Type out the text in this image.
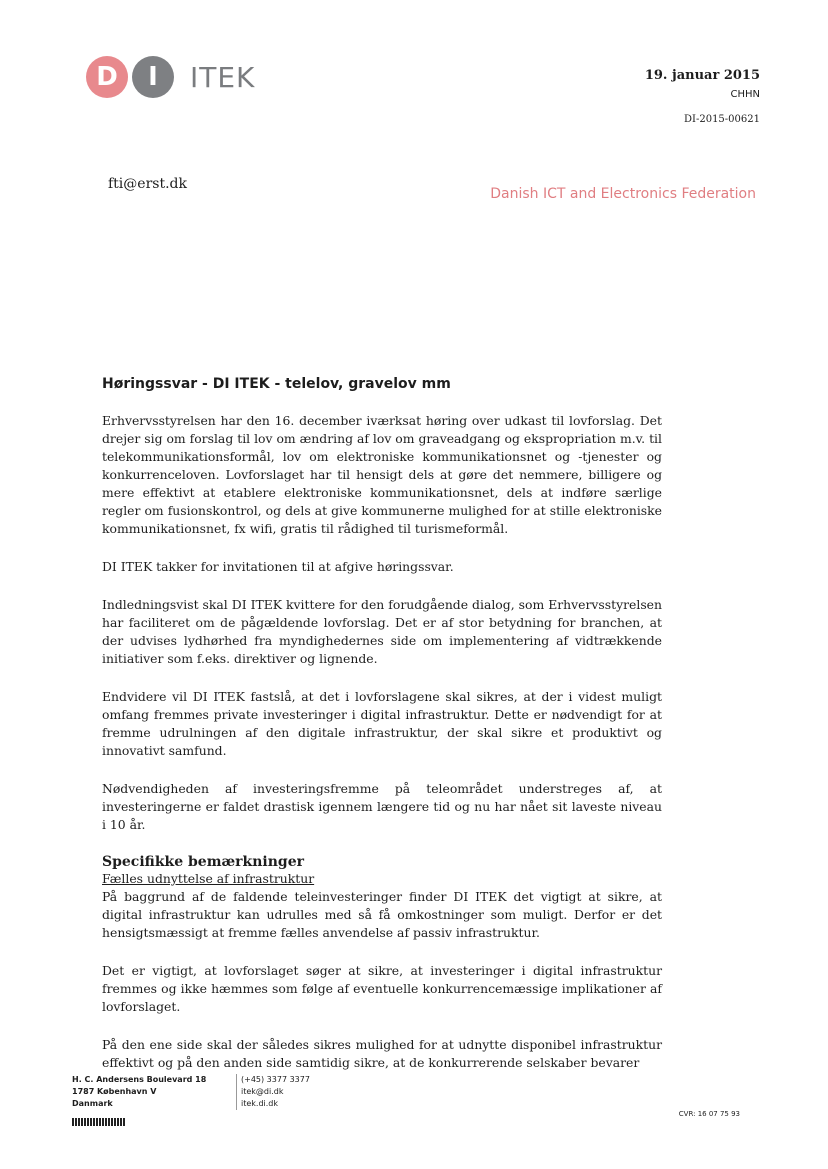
D	I	ITEK	19. januar 2015
CHHN
DI-2015-00621
fti@erst.dk
Danish ICT and Electronics Federation
Høringssvar - DI ITEK - telelov, gravelov mm

Erhvervsstyrelsen har den 16. december iværksat høring over udkast til lovforslag. Det drejer sig om forslag til lov om ændring af lov om graveadgang og ekspropriation m.v. til telekommunikationsformål, lov om elektroniske kommunikationsnet og -tjenester og konkurrenceloven. Lovforslaget har til hensigt dels at gøre det nemmere, billigere og mere effektivt at etablere elektroniske kommunikationsnet, dels at indføre særlige regler om fusionskontrol, og dels at give kommunerne mulighed for at stille elektroniske kommunikationsnet, fx wifi, gratis til rådighed til turismeformål.

DI ITEK takker for invitationen til at afgive høringssvar.

Indledningsvist skal DI ITEK kvittere for den forudgående dialog, som Erhvervsstyrelsen har faciliteret om de pågældende lovforslag. Det er af stor betydning for branchen, at der udvises lydhørhed fra myndighedernes side om implementering af vidtrækkende initiativer som f.eks. direktiver og lignende.

Endvidere vil DI ITEK fastslå, at det i lovforslagene skal sikres, at der i videst muligt omfang fremmes private investeringer i digital infrastruktur. Dette er nødvendigt for at fremme udrulningen af den digitale infrastruktur, der skal sikre et produktivt og innovativt samfund.

Nødvendigheden af investeringsfremme på teleområdet understreges af, at investeringerne er faldet drastisk igennem længere tid og nu har nået sit laveste niveau i 10 år.

Specifikke bemærkninger
Fælles udnyttelse af infrastruktur

På baggrund af de faldende teleinvesteringer finder DI ITEK det vigtigt at sikre, at digital infrastruktur kan udrulles med så få omkostninger som muligt. Derfor er det hensigtsmæssigt at fremme fælles anvendelse af passiv infrastruktur.

Det er vigtigt, at lovforslaget søger at sikre, at investeringer i digital infrastruktur fremmes og ikke hæmmes som følge af eventuelle konkurrencemæssige implikationer af lovforslaget.

På den ene side skal der således sikres mulighed for at udnytte disponibel infrastruktur effektivt og på den anden side samtidig sikre, at de konkurrerende selskaber bevarer

H. C. Andersens Boulevard 18
1787 København V
Danmark
(+45) 3377 3377
itek@di.dk
itek.di.dk
CVR: 16 07 75 93
